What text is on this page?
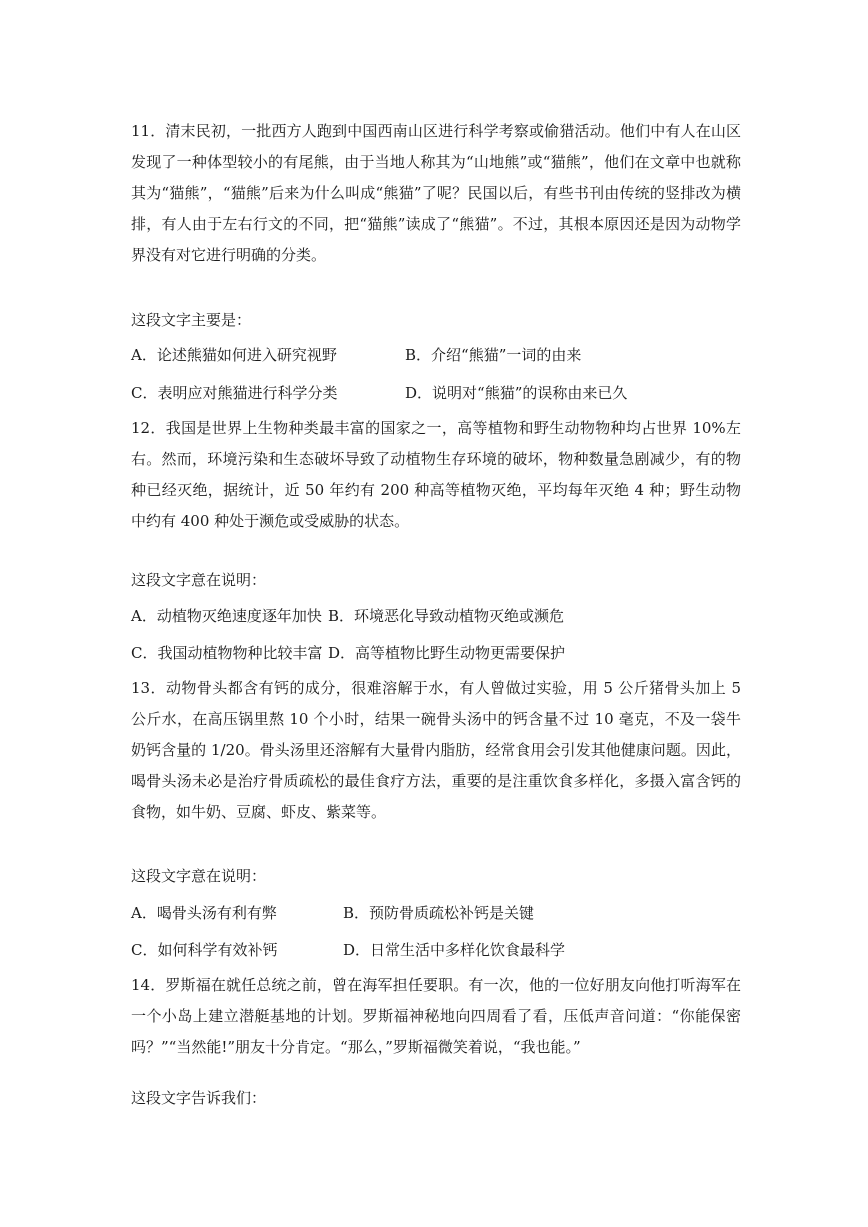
11．清末民初，一批西方人跑到中国西南山区进行科学考察或偷猎活动。他们中有人在山区发现了一种体型较小的有尾熊，由于当地人称其为“山地熊”或“猫熊”，他们在文章中也就称其为“猫熊”，“猫熊”后来为什么叫成“熊猫”了呢？民国以后，有些书刊由传统的竖排改为横排，有人由于左右行文的不同，把“猫熊”读成了“熊猫”。不过，其根本原因还是因为动物学界没有对它进行明确的分类。
这段文字主要是：
A．论述熊猫如何进入研究视野	B．介绍“熊猫”一词的由来
C．表明应对熊猫进行科学分类	D．说明对“熊猫”的误称由来已久
12．我国是世界上生物种类最丰富的国家之一，高等植物和野生动物物种均占世界 10%左右。然而，环境污染和生态破坏导致了动植物生存环境的破坏，物种数量急剧减少，有的物种已经灭绝，据统计，近 50 年约有 200 种高等植物灭绝，平均每年灭绝 4 种；野生动物中约有 400 种处于濒危或受威胁的状态。
这段文字意在说明：
A．动植物灭绝速度逐年加快 B．环境恶化导致动植物灭绝或濒危
C．我国动植物物种比较丰富 D．高等植物比野生动物更需要保护
13．动物骨头都含有钙的成分，很难溶解于水，有人曾做过实验，用 5 公斤猪骨头加上 5 公斤水，在高压锅里熬 10 个小时，结果一碗骨头汤中的钙含量不过 10 毫克，不及一袋牛奶钙含量的 1/20。骨头汤里还溶解有大量骨内脂肪，经常食用会引发其他健康问题。因此，喝骨头汤未必是治疗骨质疏松的最佳食疗方法，重要的是注重饮食多样化，多摄入富含钙的食物，如牛奶、豆腐、虾皮、紫菜等。
这段文字意在说明：
A．喝骨头汤有利有弊	B．预防骨质疏松补钙是关键
C．如何科学有效补钙	D．日常生活中多样化饮食最科学
14．罗斯福在就任总统之前，曾在海军担任要职。有一次，他的一位好朋友向他打听海军在一个小岛上建立潜艇基地的计划。罗斯福神秘地向四周看了看，压低声音问道：“你能保密吗？”“当然能!”朋友十分肯定。“那么，”罗斯福微笑着说，“我也能。”
这段文字告诉我们：
